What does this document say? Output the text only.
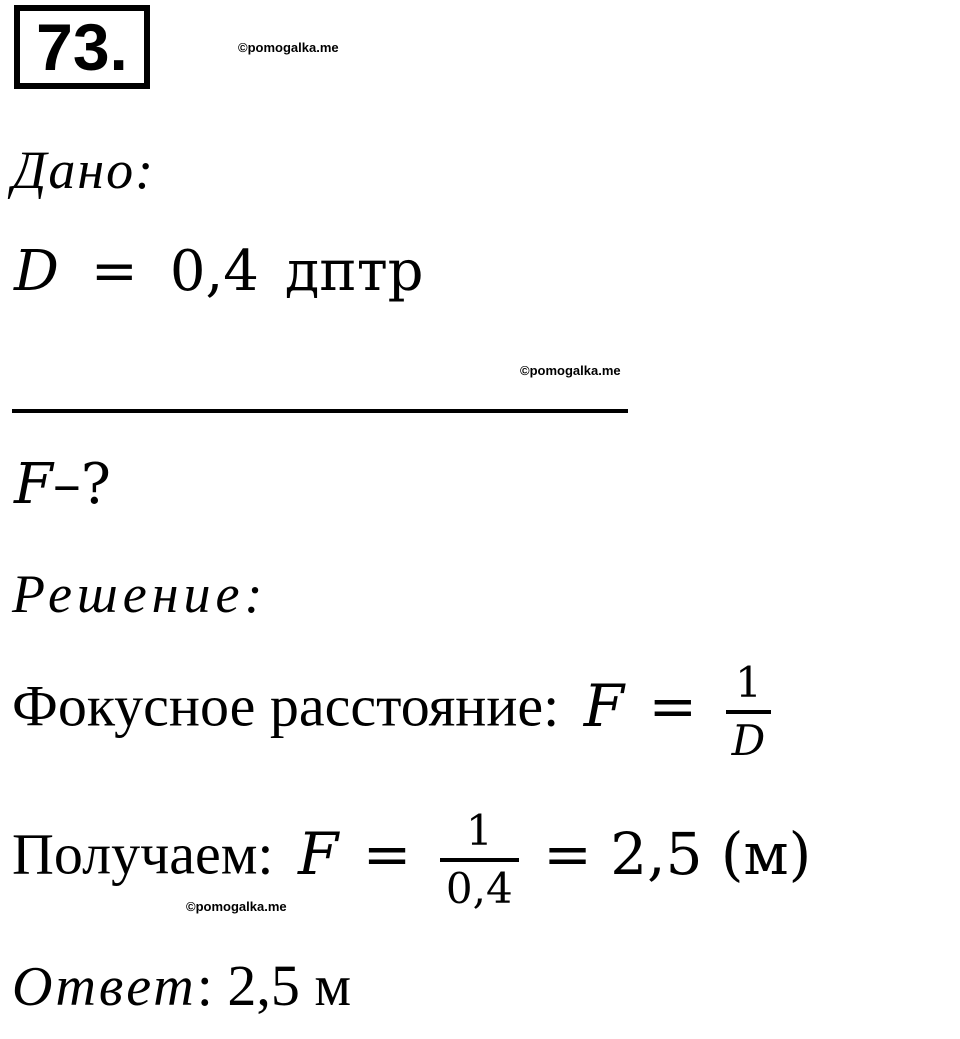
73.	©pomogalka.me
©pomogalka.me
©pomogalka.me
Дано:
D = 0,4 дптр
F–?
Решение:
Фокусное расстояние: $F = \frac{1}{D}$
Получаем: $F = \frac{1}{0,4} = 2,5$ (м)
Ответ: 2,5 м
